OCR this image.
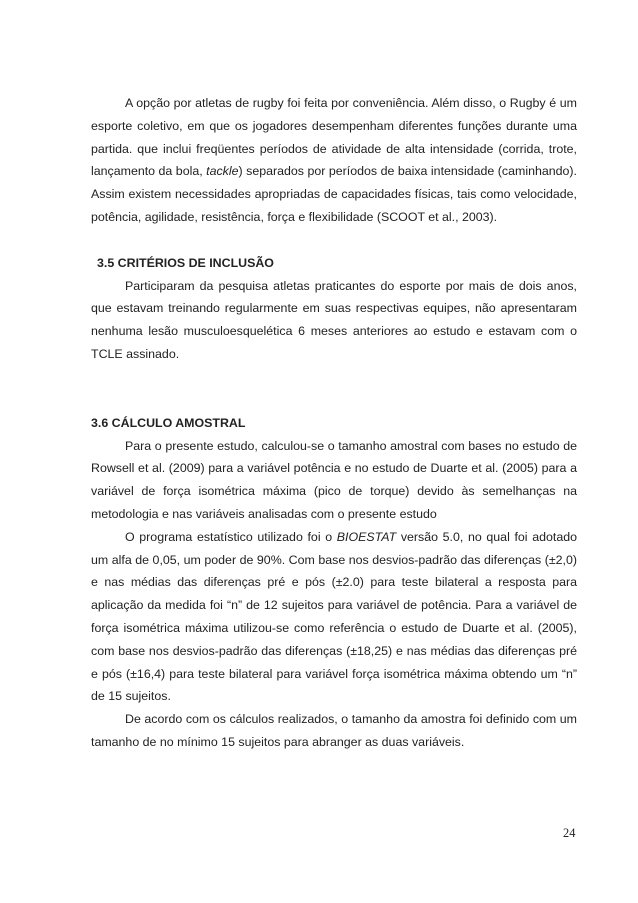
A opção por atletas de rugby foi feita por conveniência. Além disso, o Rugby é um esporte coletivo, em que os jogadores desempenham diferentes funções durante uma partida. que inclui freqüentes períodos de atividade de alta intensidade (corrida, trote, lançamento da bola, tackle) separados por períodos de baixa intensidade (caminhando). Assim existem necessidades apropriadas de capacidades físicas, tais como velocidade, potência, agilidade, resistência, força e flexibilidade (SCOOT et al., 2003).

3.5 CRITÉRIOS DE INCLUSÃO

Participaram da pesquisa atletas praticantes do esporte por mais de dois anos, que estavam treinando regularmente em suas respectivas equipes, não apresentaram nenhuma lesão musculoesquelética 6 meses anteriores ao estudo e estavam com o TCLE assinado.

3.6 CÁLCULO AMOSTRAL

Para o presente estudo, calculou-se o tamanho amostral com bases no estudo de Rowsell et al. (2009) para a variável potência e no estudo de Duarte et al. (2005) para a variável de força isométrica máxima (pico de torque) devido às semelhanças na metodologia e nas variáveis analisadas com o presente estudo

O programa estatístico utilizado foi o BIOESTAT versão 5.0, no qual foi adotado um alfa de 0,05, um poder de 90%. Com base nos desvios-padrão das diferenças (±2,0) e nas médias das diferenças pré e pós (±2.0) para teste bilateral a resposta para aplicação da medida foi “n” de 12 sujeitos para variável de potência. Para a variável de força isométrica máxima utilizou-se como referência o estudo de Duarte et al. (2005), com base nos desvios-padrão das diferenças (±18,25) e nas médias das diferenças pré e pós (±16,4) para teste bilateral para variável força isométrica máxima obtendo um “n” de 15 sujeitos.

De acordo com os cálculos realizados, o tamanho da amostra foi definido com um tamanho de no mínimo 15 sujeitos para abranger as duas variáveis.

24
